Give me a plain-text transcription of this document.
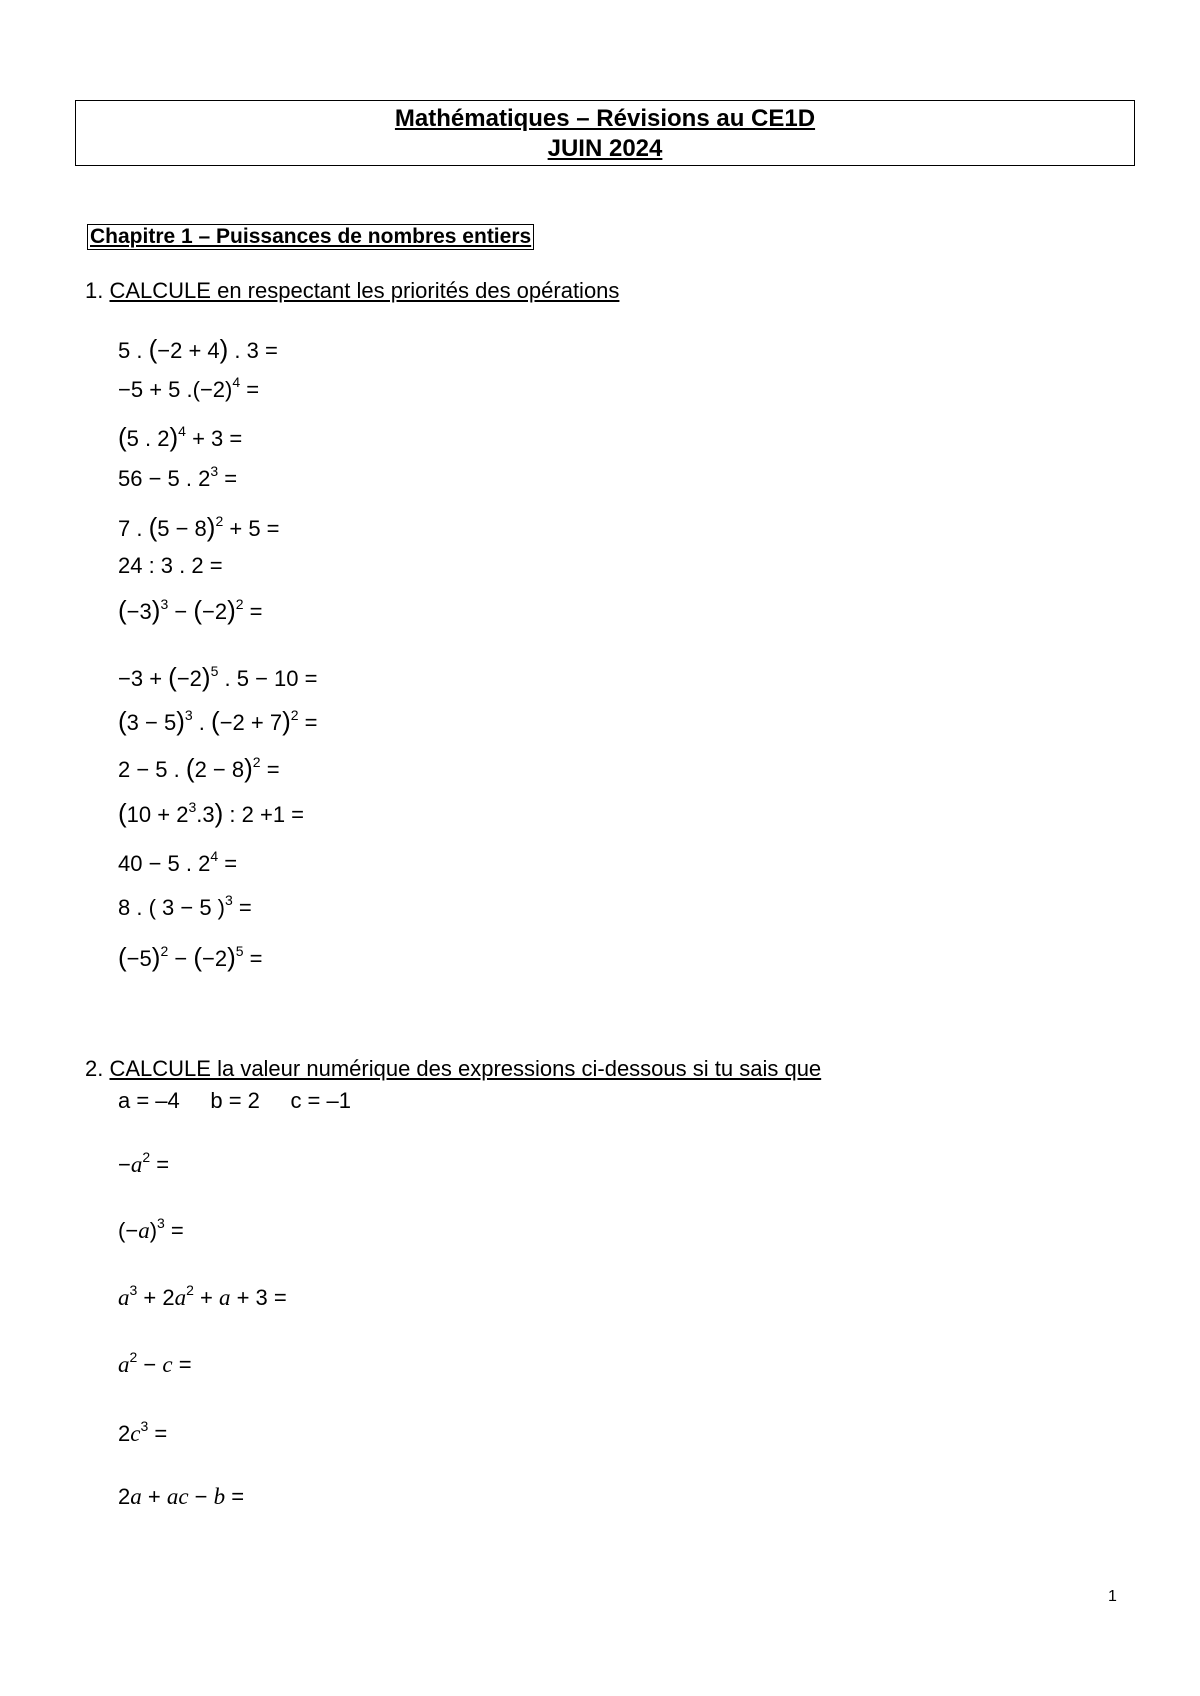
Mathématiques – Révisions au CE1D
JUIN 2024
Chapitre 1 – Puissances de nombres entiers
1. CALCULE en respectant les priorités des opérations
5 . (−2 + 4) . 3 =
−5 + 5 $.(-2)^4$ =
(5 . 2)$^4$ + 3 =
56 − 5 . $2^3$ =
7 . $(5 - 8)^2 + 5$ =
24 : 3 . 2 =
$(-3)^3 - (-2)^2$ =
$-3 + (-2)^5$ . 5 − 10 =
$(3 - 5)^3$ . $(-2 + 7)^2$ =
2 − 5 . $(2 - 8)^2$ =
$(10 + 2^3.3)$ : 2 +1 =
40 − 5 . $2^4$ =
8 . ( 3 − 5 )$^3$ =
$(-5)^2 - (-2)^5$ =
2. CALCULE la valeur numérique des expressions ci-dessous si tu sais que
a = –4     b = 2     c = –1
$-a^2$ =
$(-a)^3$ =
$a^3 + 2a^2 + a + 3$ =
$a^2 - c$ =
$2c^3$ =
2a + ac − b =
1
